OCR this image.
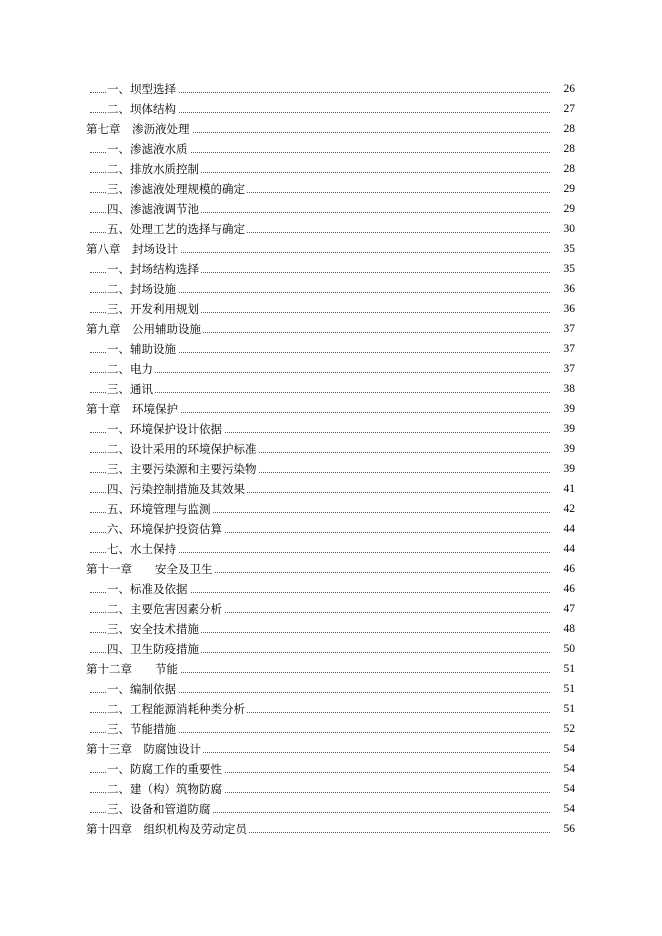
一、坝型选择	26
二、坝体结构	27
第七章　渗沥液处理	28
一、渗滤液水质	28
二、排放水质控制	28
三、渗滤液处理规模的确定	29
四、渗滤液调节池	29
五、处理工艺的选择与确定	30
第八章　封场设计	35
一、封场结构选择	35
二、封场设施	36
三、开发利用规划	36
第九章　公用辅助设施	37
一、辅助设施	37
二、电力	37
三、通讯	38
第十章　环境保护	39
一、环境保护设计依据	39
二、设计采用的环境保护标准	39
三、主要污染源和主要污染物	39
四、污染控制措施及其效果	41
五、环境管理与监测	42
六、环境保护投资估算	44
七、水土保持	44
第十一章　　安全及卫生	46
一、标准及依据	46
二、主要危害因素分析	47
三、安全技术措施	48
四、卫生防疫措施	50
第十二章　　节能	51
一、编制依据	51
二、工程能源消耗种类分析	51
三、节能措施	52
第十三章　防腐蚀设计	54
一、防腐工作的重要性	54
二、建（构）筑物防腐	54
三、设备和管道防腐	54
第十四章　组织机构及劳动定员	56
